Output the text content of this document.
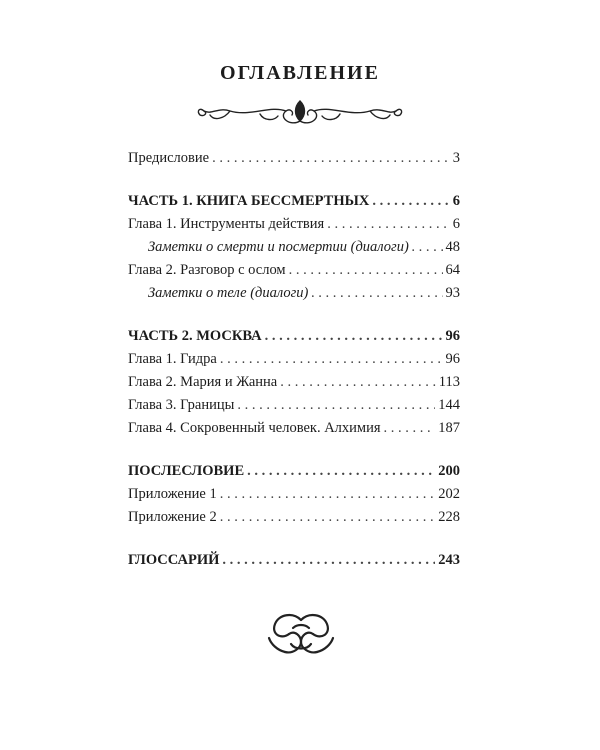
оглавление
Предисловие . . .	3
ЧАСТЬ 1. КНИГА БЕССМЕРТНЫХ . . .	6
Глава 1. Инструменты действия . . .	6
Заметки о смерти и посмертии (диалоги) . . .	48
Глава 2. Разговор с ослом . . .	64
Заметки о теле (диалоги) . . .	93
ЧАСТЬ 2. МОСКВА . . .	96
Глава 1. Гидра . . .	96
Глава 2. Мария и Жанна . . .	113
Глава 3. Границы . . .	144
Глава 4. Сокровенный человек. Алхимия . . .	187
ПОСЛЕСЛОВИЕ . . .	200
Приложение 1 . . .	202
Приложение 2 . . .	228
ГЛОССАРИЙ . . .	243
